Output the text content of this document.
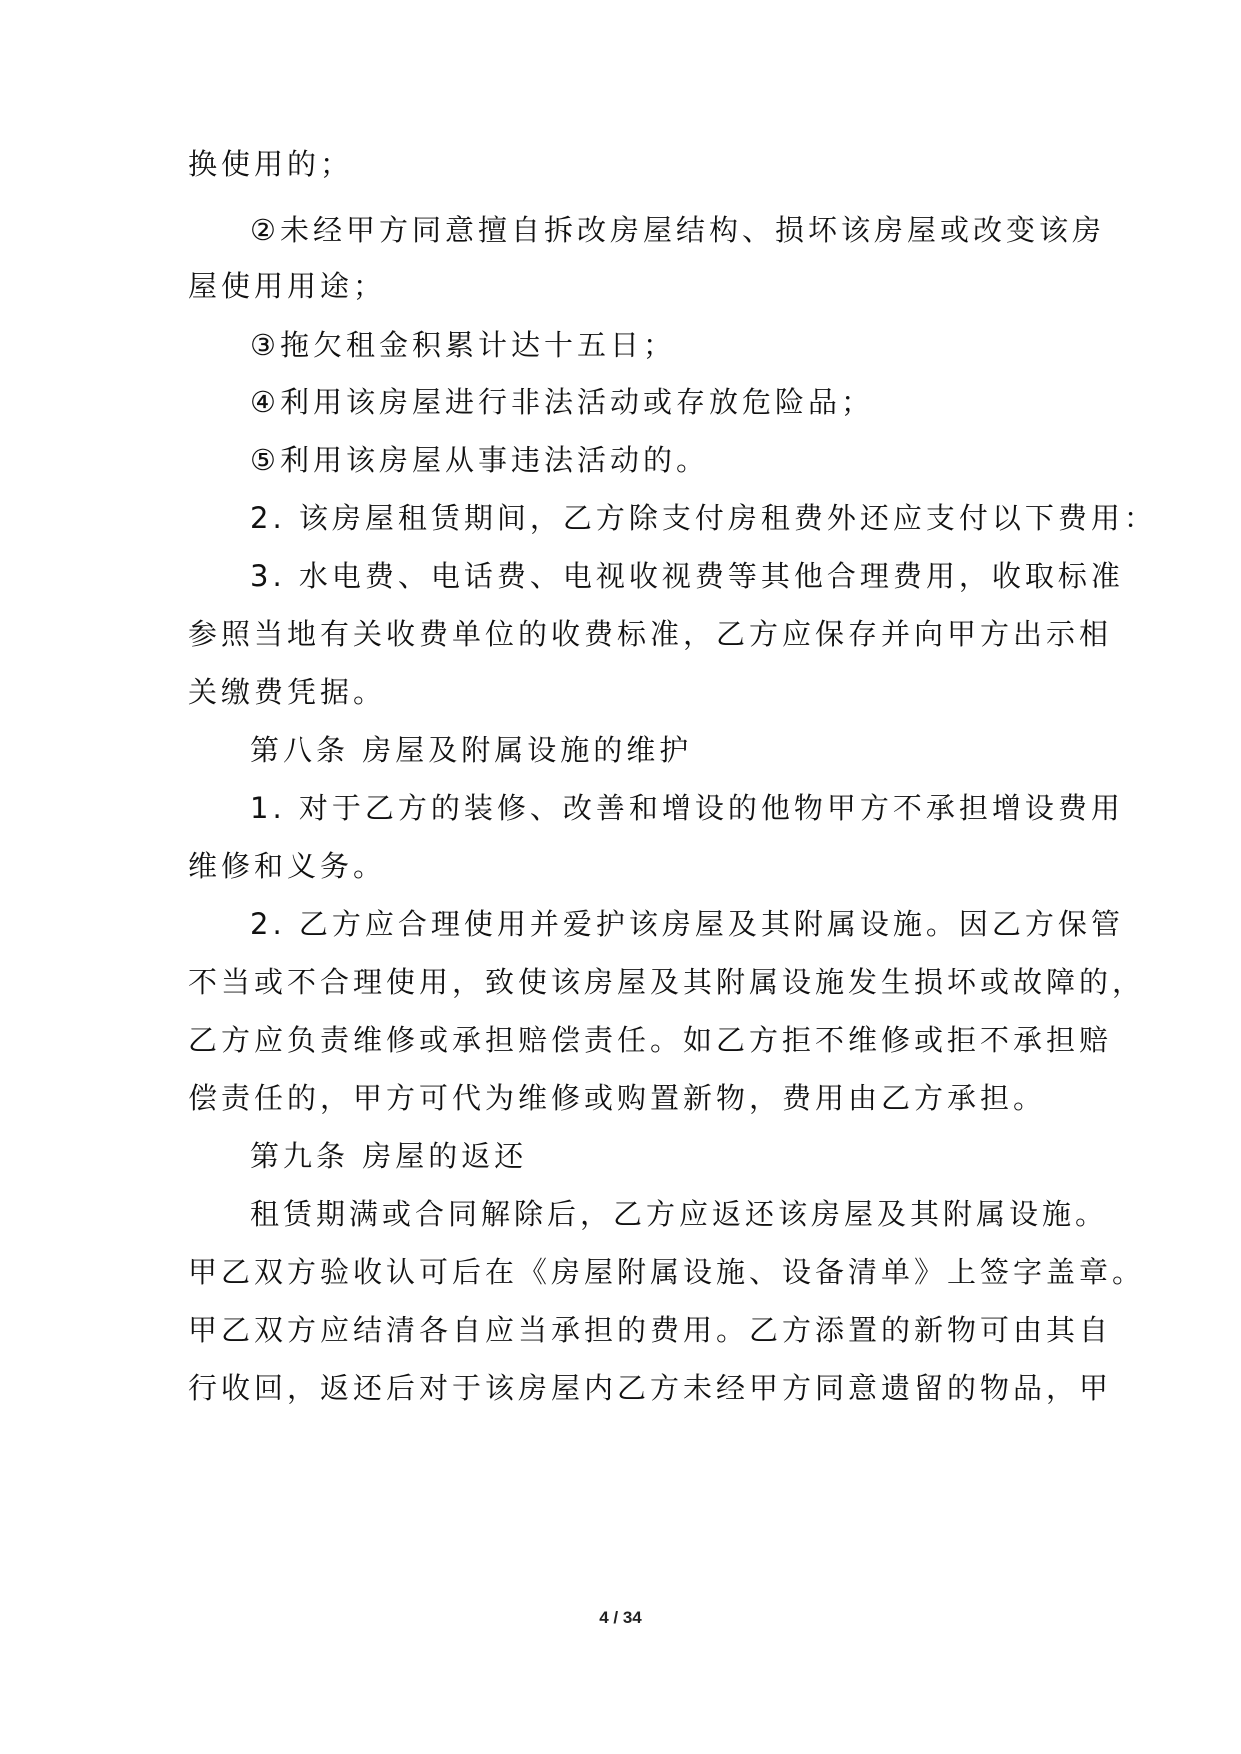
换使用的；
②未经甲方同意擅自拆改房屋结构、损坏该房屋或改变该房
屋使用用途；
③拖欠租金积累计达十五日；
④利用该房屋进行非法活动或存放危险品；
⑤利用该房屋从事违法活动的。
2. 该房屋租赁期间，乙方除支付房租费外还应支付以下费用：
3. 水电费、电话费、电视收视费等其他合理费用，收取标准
参照当地有关收费单位的收费标准，乙方应保存并向甲方出示相
关缴费凭据。
第八条 房屋及附属设施的维护
1. 对于乙方的装修、改善和增设的他物甲方不承担增设费用
维修和义务。
2. 乙方应合理使用并爱护该房屋及其附属设施。因乙方保管
不当或不合理使用，致使该房屋及其附属设施发生损坏或故障的，
乙方应负责维修或承担赔偿责任。如乙方拒不维修或拒不承担赔
偿责任的，甲方可代为维修或购置新物，费用由乙方承担。
第九条 房屋的返还
租赁期满或合同解除后，乙方应返还该房屋及其附属设施。
甲乙双方验收认可后在《房屋附属设施、设备清单》上签字盖章。
甲乙双方应结清各自应当承担的费用。乙方添置的新物可由其自
行收回，返还后对于该房屋内乙方未经甲方同意遗留的物品，甲
4 / 34
